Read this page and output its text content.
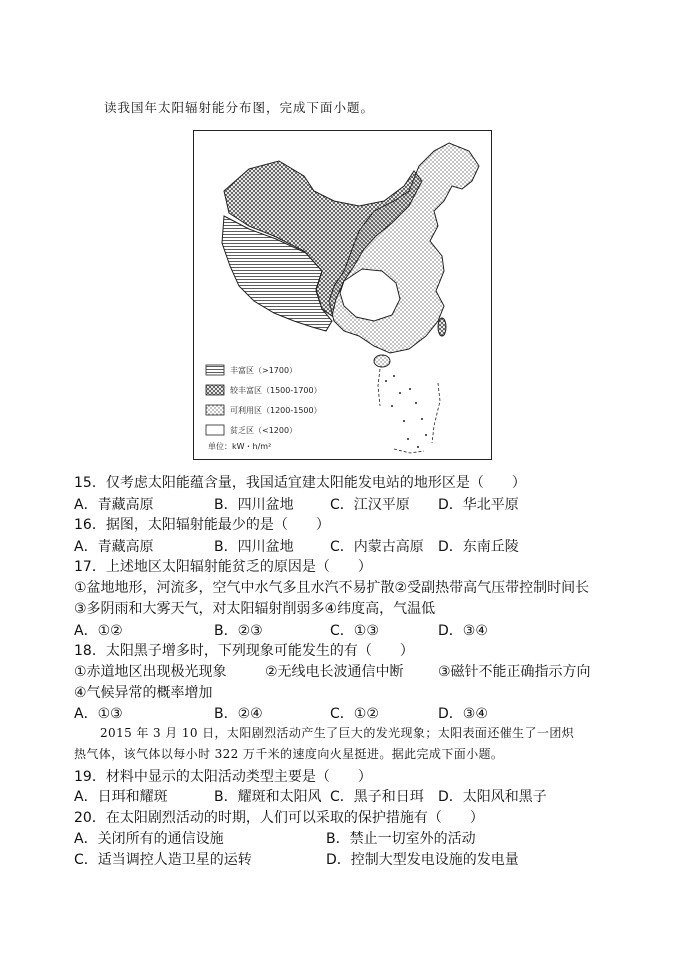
读我国年太阳辐射能分布图，完成下面小题。
丰富区（>1700）
较丰富区（1500-1700）
可利用区（1200-1500）
贫乏区（<1200）
单位：kW・h/m²
15．仅考虑太阳能蕴含量，我国适宜建太阳能发电站的地形区是（　　）
A．青藏高原	B．四川盆地	C．江汉平原 D．华北平原
16．据图，太阳辐射能最少的是（　　）
A．青藏高原	B．四川盆地	C．内蒙古高原 D．东南丘陵
17．上述地区太阳辐射能贫乏的原因是（　　）
①盆地地形，河流多，空气中水气多且水汽不易扩散②受副热带高气压带控制时间长
③多阴雨和大雾天气，对太阳辐射削弱多④纬度高，气温低
A．①②	B．②③	C．①③	D．③④
18．太阳黑子增多时，下列现象可能发生的有（　　）
①赤道地区出现极光现象	②无线电长波通信中断 ③磁针不能正确指示方向
④气候异常的概率增加
A．①③	B．②④	C．①②	D．③④
2015 年 3 月 10 日，太阳剧烈活动产生了巨大的发光现象；太阳表面还催生了一团炽
热气体，该气体以每小时 322 万千米的速度向火星挺进。据此完成下面小题。
19．材料中显示的太阳活动类型主要是（　　）
A．日珥和耀斑	B．耀斑和太阳风 C．黑子和日珥 D．太阳风和黑子
20．在太阳剧烈活动的时期，人们可以采取的保护措施有（　　）
A．关闭所有的通信设施	B．禁止一切室外的活动
C．适当调控人造卫星的运转	D．控制大型发电设施的发电量
